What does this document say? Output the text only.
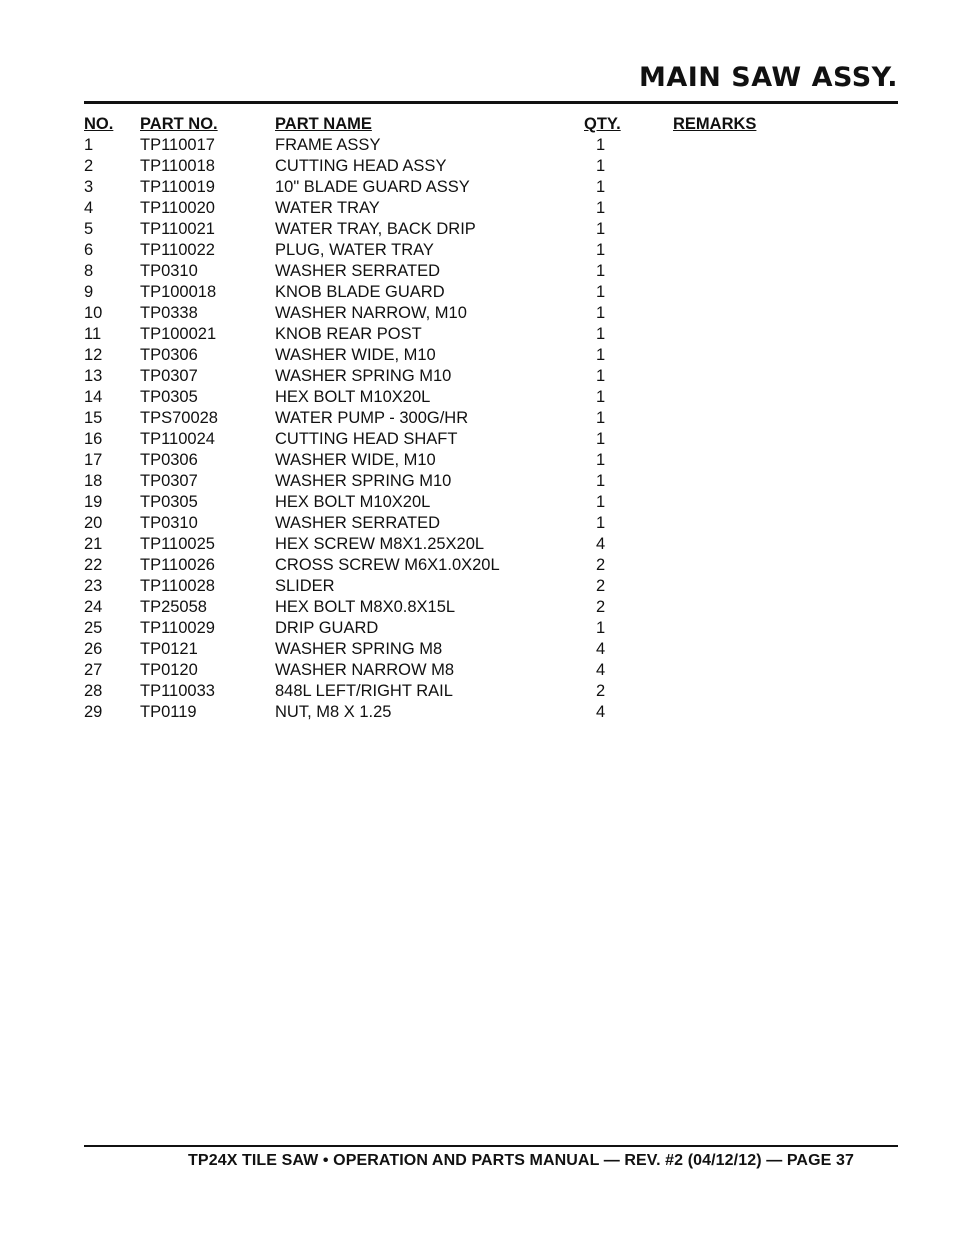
MAIN SAW ASSY.
NO.	PART NO.	PART NAME	QTY.	REMARKS
1	TP110017	FRAME ASSY	1	
2	TP110018	CUTTING HEAD ASSY	1	
3	TP110019	10" BLADE GUARD ASSY	1	
4	TP110020	WATER TRAY	1	
5	TP110021	WATER TRAY, BACK DRIP	1	
6	TP110022	PLUG, WATER TRAY	1	
8	TP0310	WASHER SERRATED	1	
9	TP100018	KNOB BLADE GUARD	1	
10	TP0338	WASHER NARROW, M10	1	
11	TP100021	KNOB REAR POST	1	
12	TP0306	WASHER WIDE, M10	1	
13	TP0307	WASHER SPRING M10	1	
14	TP0305	HEX BOLT M10X20L	1	
15	TPS70028	WATER PUMP - 300G/HR	1	
16	TP110024	CUTTING HEAD SHAFT	1	
17	TP0306	WASHER WIDE, M10	1	
18	TP0307	WASHER SPRING M10	1	
19	TP0305	HEX BOLT M10X20L	1	
20	TP0310	WASHER SERRATED	1	
21	TP110025	HEX SCREW M8X1.25X20L	4	
22	TP110026	CROSS SCREW M6X1.0X20L	2	
23	TP110028	SLIDER	2	
24	TP25058	HEX BOLT M8X0.8X15L	2	
25	TP110029	DRIP GUARD	1	
26	TP0121	WASHER SPRING M8	4	
27	TP0120	WASHER NARROW M8	4	
28	TP110033	848L LEFT/RIGHT RAIL	2	
29	TP0119	NUT, M8 X 1.25	4	
TP24X TILE SAW • OPERATION AND PARTS MANUAL — REV. #2 (04/12/12) — PAGE 37
